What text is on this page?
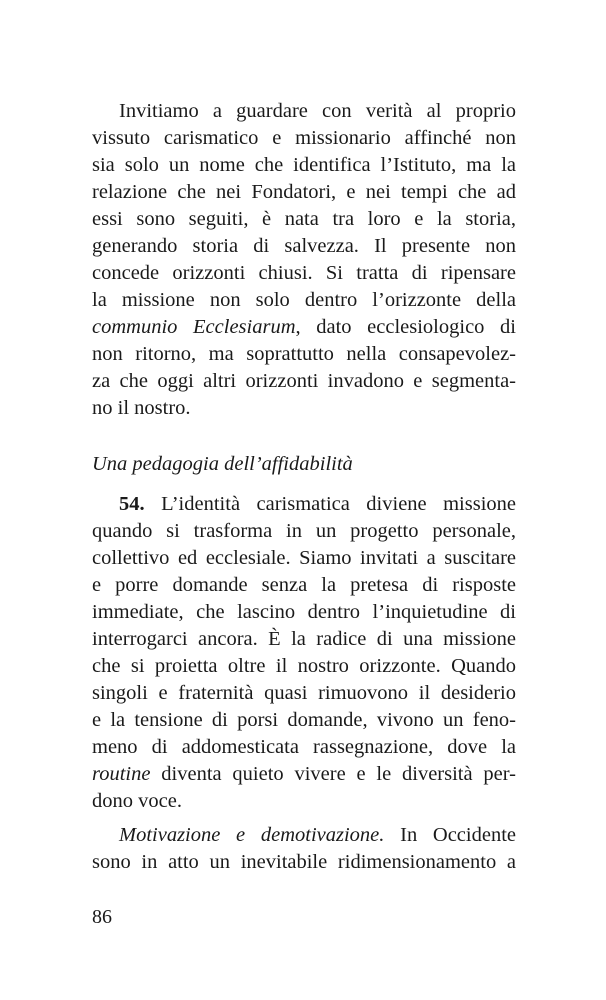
Invitiamo a guardare con verità al proprio
vissuto carismatico e missionario affinché non
sia solo un nome che identifica l’Istituto, ma la
relazione che nei Fondatori, e nei tempi che ad
essi sono seguiti, è nata tra loro e la storia,
generando storia di salvezza. Il presente non
concede orizzonti chiusi. Si tratta di ripensare
la missione non solo dentro l’orizzonte della
communio Ecclesiarum, dato ecclesiologico di
non ritorno, ma soprattutto nella consapevolez-
za che oggi altri orizzonti invadono e segmenta-
no il nostro.

Una pedagogia dell’affidabilità

54. L’identità carismatica diviene missione
quando si trasforma in un progetto personale,
collettivo ed ecclesiale. Siamo invitati a suscitare
e porre domande senza la pretesa di risposte
immediate, che lascino dentro l’inquietudine di
interrogarci ancora. È la radice di una missione
che si proietta oltre il nostro orizzonte. Quando
singoli e fraternità quasi rimuovono il desiderio
e la tensione di porsi domande, vivono un feno-
meno di addomesticata rassegnazione, dove la
routine diventa quieto vivere e le diversità per-
dono voce.
Motivazione e demotivazione. In Occidente
sono in atto un inevitabile ridimensionamento a
86
